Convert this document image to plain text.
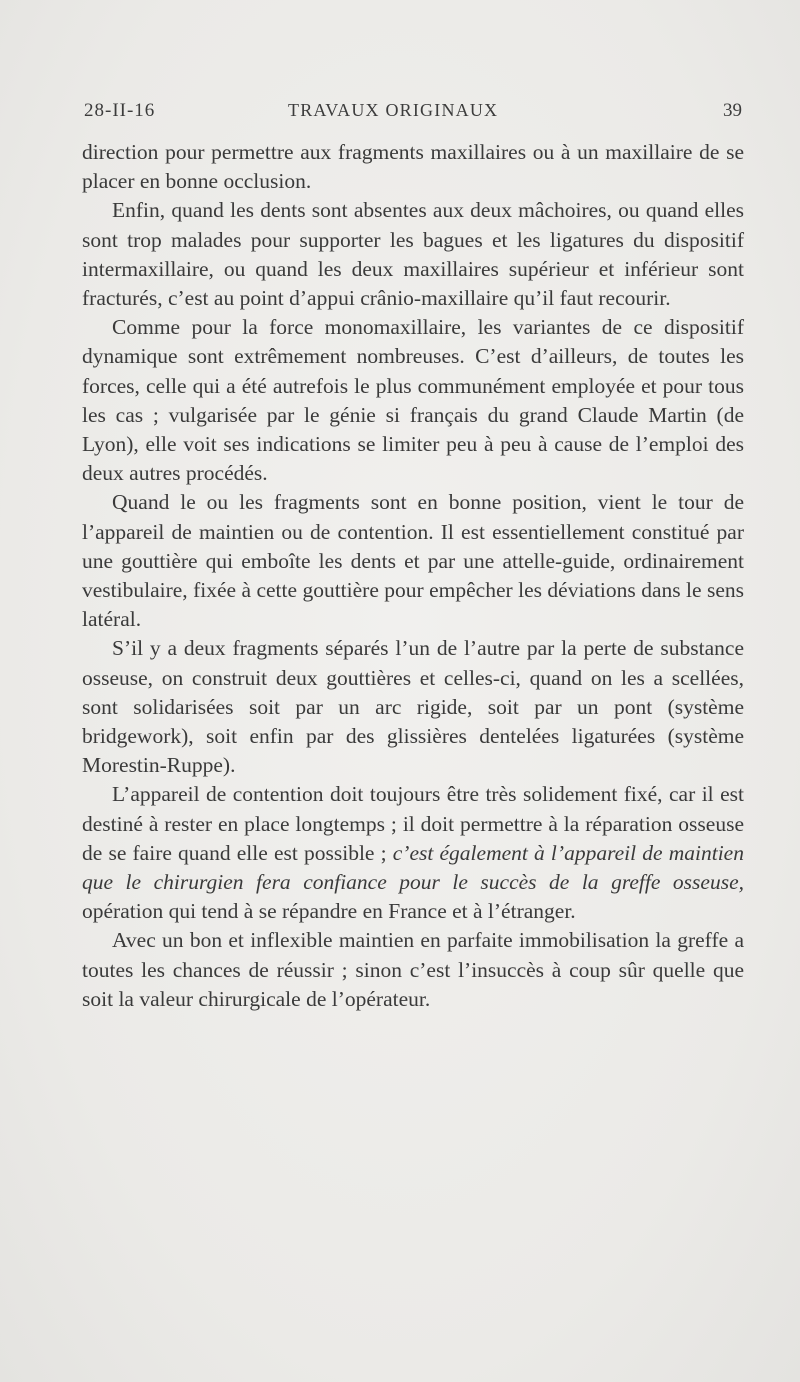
28-II-16	TRAVAUX ORIGINAUX	39

direction pour permettre aux fragments maxillaires ou à un maxillaire de se placer en bonne occlusion.

Enfin, quand les dents sont absentes aux deux mâchoires, ou quand elles sont trop malades pour supporter les bagues et les ligatures du dispositif intermaxillaire, ou quand les deux maxillaires supérieur et inférieur sont fracturés, c’est au point d’appui crânio-maxillaire qu’il faut recourir.

Comme pour la force monomaxillaire, les variantes de ce dispositif dynamique sont extrêmement nombreuses. C’est d’ailleurs, de toutes les forces, celle qui a été autrefois le plus communément employée et pour tous les cas ; vulgarisée par le génie si français du grand Claude Martin (de Lyon), elle voit ses indications se limiter peu à peu à cause de l’emploi des deux autres procédés.

Quand le ou les fragments sont en bonne position, vient le tour de l’appareil de maintien ou de contention. Il est essentiellement constitué par une gouttière qui emboîte les dents et par une attelle-guide, ordinairement vestibulaire, fixée à cette gouttière pour empêcher les déviations dans le sens latéral.

S’il y a deux fragments séparés l’un de l’autre par la perte de substance osseuse, on construit deux gouttières et celles-ci, quand on les a scellées, sont solidarisées soit par un arc rigide, soit par un pont (système bridgework), soit enfin par des glissières dentelées ligaturées (système Morestin-Ruppe).

L’appareil de contention doit toujours être très solidement fixé, car il est destiné à rester en place longtemps ; il doit permettre à la réparation osseuse de se faire quand elle est possible ; c’est également à l’appareil de maintien que le chirurgien fera confiance pour le succès de la greffe osseuse, opération qui tend à se répandre en France et à l’étranger.

Avec un bon et inflexible maintien en parfaite immobilisation la greffe a toutes les chances de réussir ; sinon c’est l’insuccès à coup sûr quelle que soit la valeur chirurgicale de l’opérateur.
